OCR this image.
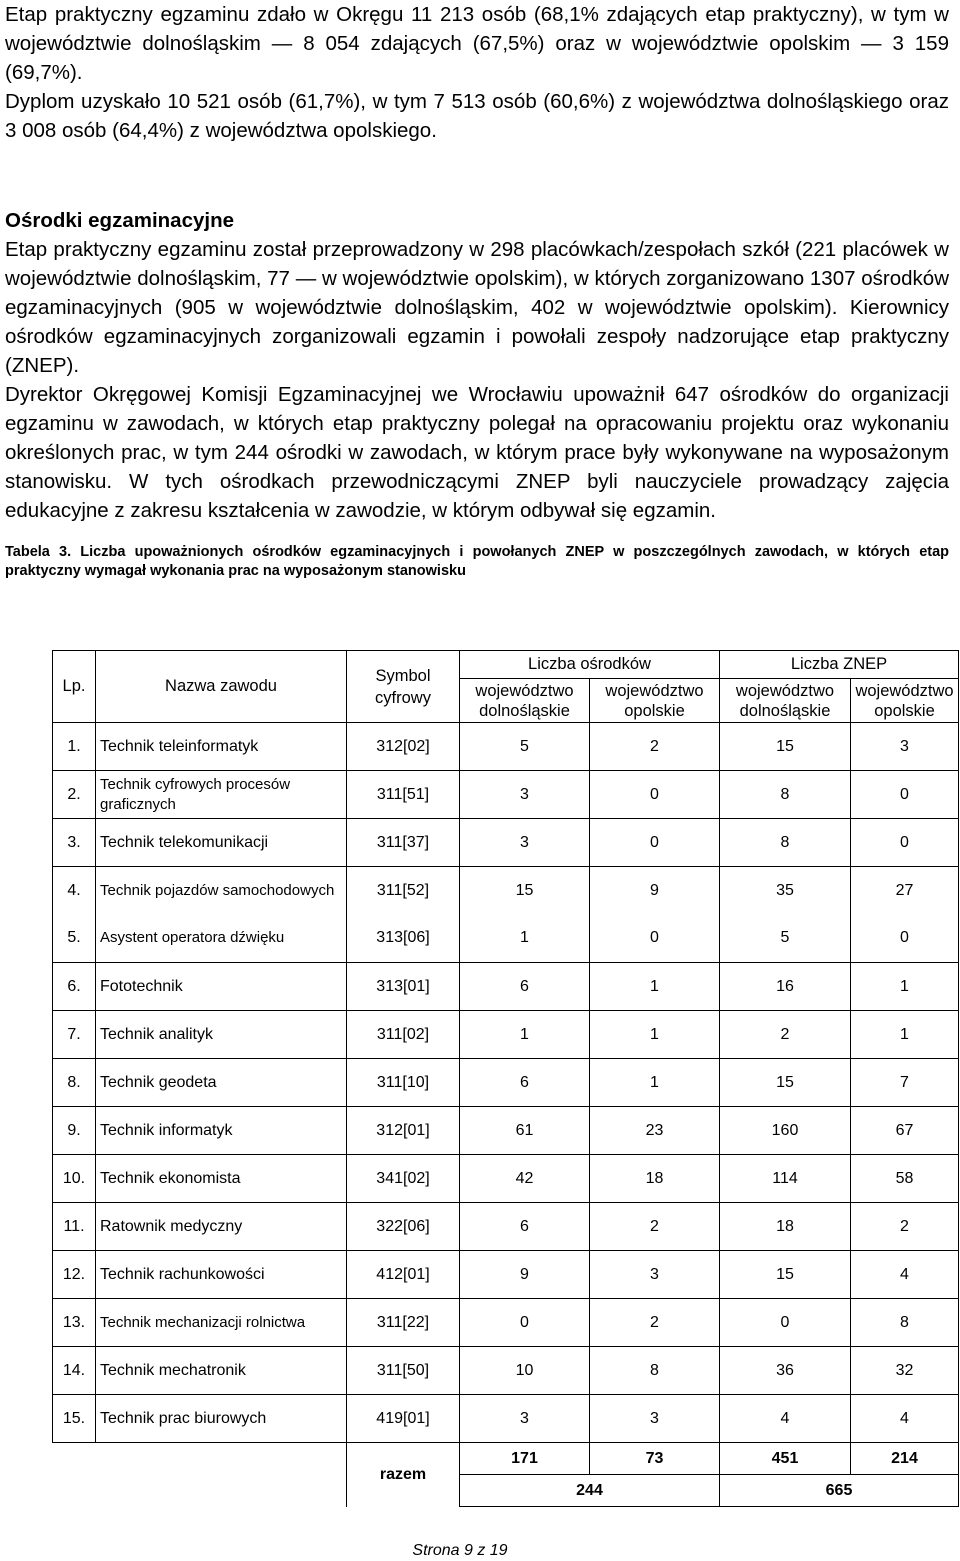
Etap praktyczny egzaminu zdało w Okręgu 11 213 osób (68,1% zdających etap praktyczny), w tym w województwie dolnośląskim — 8 054 zdających (67,5%) oraz w województwie opolskim — 3 159 (69,7%).

Dyplom uzyskało 10 521 osób (61,7%), w tym 7 513 osób (60,6%) z województwa dolnośląskiego oraz 3 008 osób (64,4%) z województwa opolskiego.

Ośrodki egzaminacyjne

Etap praktyczny egzaminu został przeprowadzony w 298 placówkach/zespołach szkół (221 placówek w województwie dolnośląskim, 77 — w województwie opolskim), w których zorganizowano 1307 ośrodków egzaminacyjnych (905 w województwie dolnośląskim, 402 w województwie opolskim). Kierownicy ośrodków egzaminacyjnych zorganizowali egzamin i powołali zespoły nadzorujące etap praktyczny (ZNEP).

Dyrektor Okręgowej Komisji Egzaminacyjnej we Wrocławiu upoważnił 647 ośrodków do organizacji egzaminu w zawodach, w których etap praktyczny polegał na opracowaniu projektu oraz wykonaniu określonych prac, w tym 244 ośrodki w zawodach, w którym prace były wykonywane na wyposażonym stanowisku. W tych ośrodkach przewodniczącymi ZNEP byli nauczyciele prowadzący zajęcia edukacyjne z zakresu kształcenia w zawodzie, w którym odbywał się egzamin.

Tabela 3. Liczba upoważnionych ośrodków egzaminacyjnych i powołanych ZNEP w poszczególnych zawodach, w których etap praktyczny wymagał wykonania prac na wyposażonym stanowisku

Lp.	Nazwa zawodu	Symbol cyfrowy	Liczba ośrodków		Liczba ZNEP	
			województwo dolnośląskie	województwo opolskie	województwo dolnośląskie	województwo opolskie
1.	Technik teleinformatyk	312[02]	5	2	15	3
2.	Technik cyfrowych procesów graficznych	311[51]	3	0	8	0
3.	Technik telekomunikacji	311[37]	3	0	8	0
4.	Technik pojazdów samochodowych	311[52]	15	9	35	27
5.	Asystent operatora dźwięku	313[06]	1	0	5	0
6.	Fototechnik	313[01]	6	1	16	1
7.	Technik analityk	311[02]	1	1	2	1
8.	Technik geodeta	311[10]	6	1	15	7
9.	Technik informatyk	312[01]	61	23	160	67
10.	Technik ekonomista	341[02]	42	18	114	58
11.	Ratownik medyczny	322[06]	6	2	18	2
12.	Technik rachunkowości	412[01]	9	3	15	4
13.	Technik mechanizacji rolnictwa	311[22]	0	2	0	8
14.	Technik mechatronik	311[50]	10	8	36	32
15.	Technik prac biurowych	419[01]	3	3	4	4
		razem	171	73	451	214
			244		665	
Strona 9 z 19
